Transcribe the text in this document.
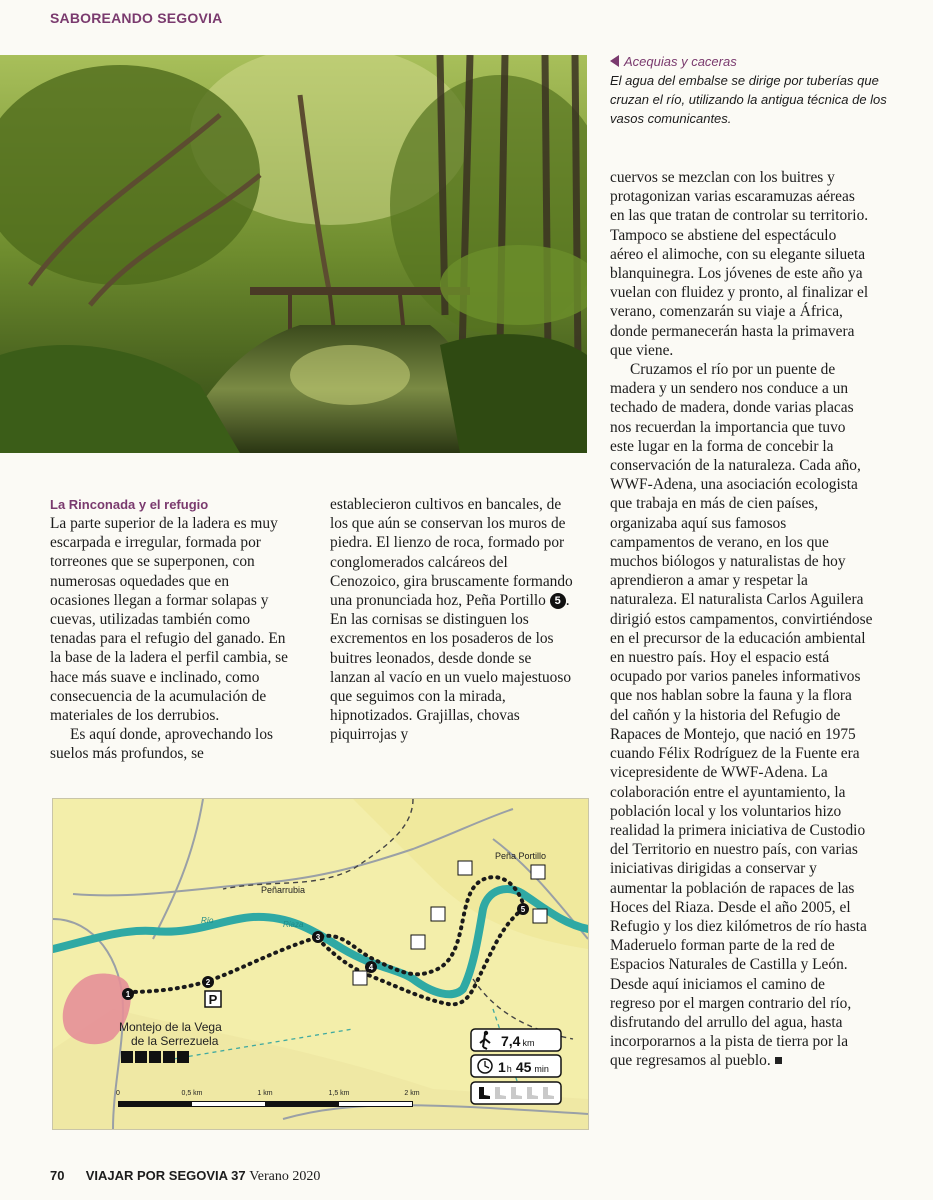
SABOREANDO SEGOVIA
Acequias y caceras
El agua del embalse se dirige por tuberías que cruzan el río, utilizando la antigua técnica de los vasos comunicantes.
La Rinconada y el refugio

La parte superior de la ladera es muy escarpada e irregular, formada por torreones que se superponen, con numerosas oquedades que en ocasiones llegan a formar solapas y cuevas, utilizadas también como tenadas para el refugio del ganado. En la base de la ladera el perfil cambia, se hace más suave e inclinado, como consecuencia de la acumulación de materiales de los derrubios.

Es aquí donde, aprovechando los suelos más profundos, se

establecieron cultivos en bancales, de los que aún se conservan los muros de piedra. El lienzo de roca, formado por conglomerados calcáreos del Cenozoico, gira bruscamente formando una pronunciada hoz, Peña Portillo 5 . En las cornisas se distinguen los excrementos en los posaderos de los buitres leonados, desde donde se lanzan al vacío en un vuelo majestuoso que seguimos con la mirada, hipnotizados. Grajillas, chovas piquirrojas y

cuervos se mezclan con los buitres y protagonizan varias escaramuzas aéreas en las que tratan de controlar su territorio. Tampoco se abstiene del espectáculo aéreo el alimoche, con su elegante silueta blanquinegra. Los jóvenes de este año ya vuelan con fluidez y pronto, al finalizar el verano, comenzarán su viaje a África, donde permanecerán hasta la primavera que viene.

Cruzamos el río por un puente de madera y un sendero nos conduce a un techado de madera, donde varias placas nos recuerdan la importancia que tuvo este lugar en la forma de concebir la conservación de la naturaleza. Cada año, WWF-Adena, una asociación ecologista que trabaja en más de cien países, organizaba aquí sus famosos campamentos de verano, en los que muchos biólogos y naturalistas de hoy aprendieron a amar y respetar la naturaleza. El naturalista Carlos Aguilera dirigió estos campamentos, convirtiéndose en el precursor de la educación ambiental en nuestro país. Hoy el espacio está ocupado por varios paneles informativos que nos hablan sobre la fauna y la flora del cañón y la historia del Refugio de Rapaces de Montejo, que nació en 1975 cuando Félix Rodríguez de la Fuente era vicepresidente de WWF-Adena. La colaboración entre el ayuntamiento, la población local y los voluntarios hizo realidad la primera iniciativa de Custodio del Territorio en nuestro país, con varias iniciativas dirigidas a conservar y aumentar la población de rapaces de las Hoces del Riaza. Desde el año 2005, el Refugio y los diez kilómetros de río hasta Maderuelo forman parte de la red de Espacios Naturales de Castilla y León. Desde aquí iniciamos el camino de regreso por el margen contrario del río, disfrutando del arrullo del agua, hasta incorporarnos a la pista de tierra por la que regresamos al pueblo.

1
2
3
4
5
P
Peña Portillo
Peñarrubia
Río	Riaza
Montejo de la Vega
de la Serrezuela
0	0,5 km	1 km	1,5 km	2 km
7,4 km
1h 45 min
70 VIAJAR POR SEGOVIA 37 Verano 2020
